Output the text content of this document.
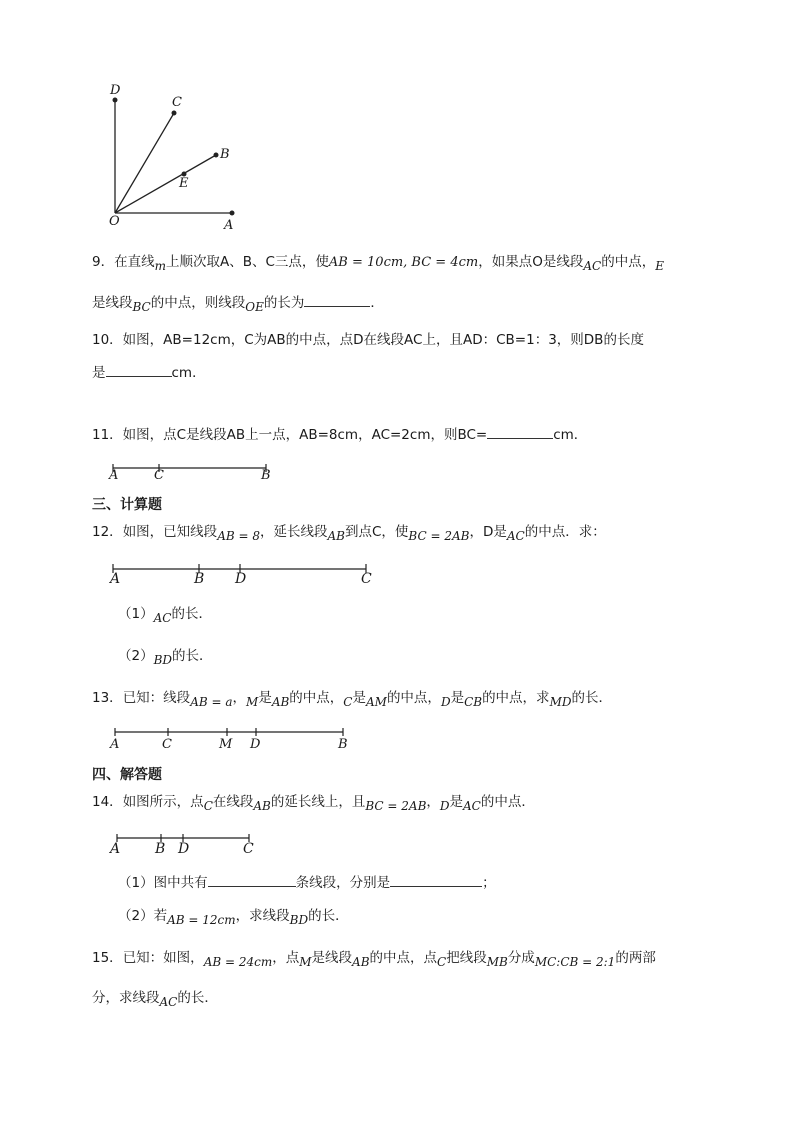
D
C
B
E
O	A
9．在直线m上顺次取A、B、C三点，使AB = 10cm, BC = 4cm，如果点O是线段AC的中点，E
是线段BC的中点，则线段OE的长为	．
10．如图，AB=12cm，C为AB的中点，点D在线段AC上，且AD：CB=1：3，则DB的长度
是	cm．
11．如图，点C是线段AB上一点，AB=8cm，AC=2cm，则BC=	cm．
A	C	B
三、计算题
12．如图，已知线段AB = 8，延长线段AB到点C，使BC = 2AB，D是AC的中点．求：
A	B D	C
（1）AC的长．
（2）BD的长．
13．已知：线段AB = a，M是AB的中点，C是AM的中点，D是CB的中点，求MD的长．
A	C	M D	B
四、解答题
14．如图所示，点C在线段AB的延长线上，且BC = 2AB，D是AC的中点．
A B D	C
（1）图中共有	条线段，分别是	；
（2）若AB = 12cm，求线段BD的长．
15．已知：如图，AB = 24cm，点M是线段AB的中点，点C把线段MB分成MC:CB = 2:1的两部
分，求线段AC的长．
